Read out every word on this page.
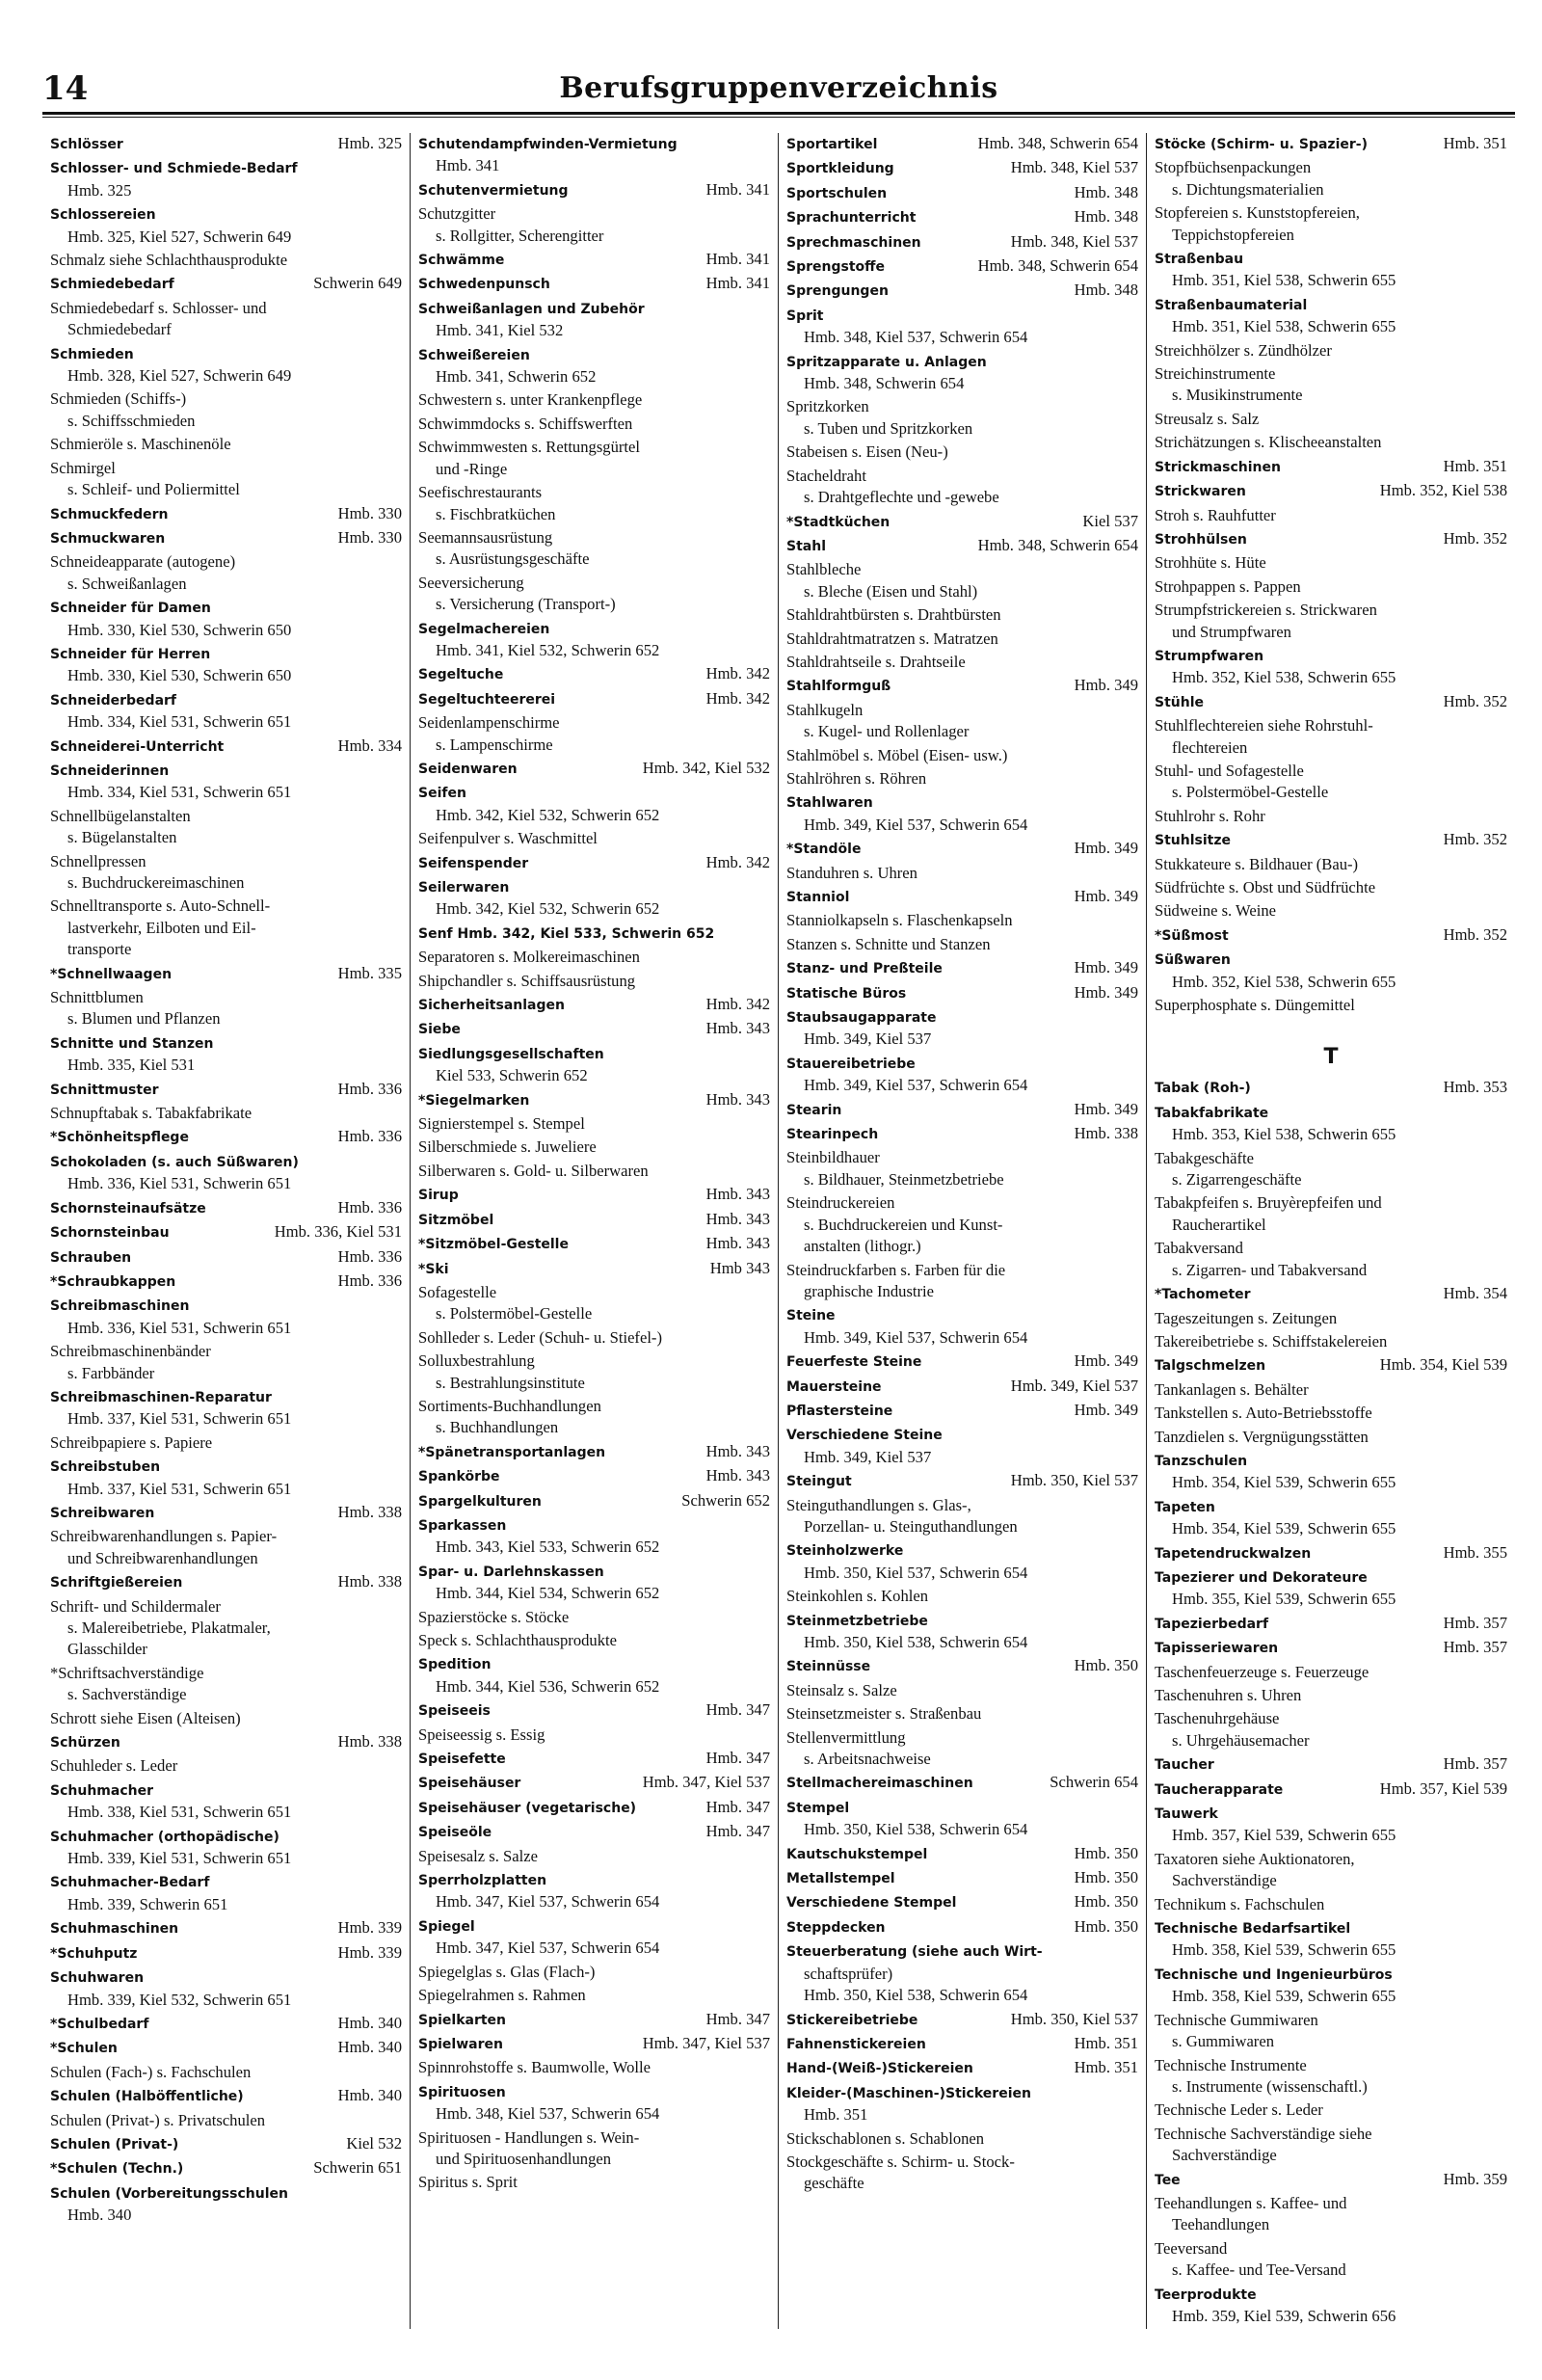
14	Berufsgruppenverzeichnis
Hmb. 325
Schlösser
Schlosser- und Schmiede-Bedarf
Hmb. 325
Schlossereien
Hmb. 325, Kiel 527, Schwerin 649
Schmalz siehe Schlachthausprodukte
Schwerin 649
Schmiedebedarf
Schmiedebedarf s. Schlosser- und
Schmiedebedarf
Schmieden
Hmb. 328, Kiel 527, Schwerin 649
Schmieden (Schiffs-)
s. Schiffsschmieden
Schmieröle s. Maschinenöle
Schmirgel
s. Schleif- und Poliermittel
Hmb. 330
Schmuckfedern
Hmb. 330
Schmuckwaren
Schneideapparate (autogene)
s. Schweißanlagen
Schneider für Damen
Hmb. 330, Kiel 530, Schwerin 650
Schneider für Herren
Hmb. 330, Kiel 530, Schwerin 650
Schneiderbedarf
Hmb. 334, Kiel 531, Schwerin 651
Hmb. 334
Schneiderei-Unterricht
Schneiderinnen
Hmb. 334, Kiel 531, Schwerin 651
Schnellbügelanstalten
s. Bügelanstalten
Schnellpressen
s. Buchdruckereimaschinen
Schnelltransporte s. Auto-Schnell-
lastverkehr, Eilboten und Eil-
transporte
Hmb. 335
*Schnellwaagen
Schnittblumen
s. Blumen und Pflanzen
Schnitte und Stanzen
Hmb. 335, Kiel 531
Hmb. 336
Schnittmuster
Schnupftabak s. Tabakfabrikate
Hmb. 336
*Schönheitspflege
Schokoladen (s. auch Süßwaren)
Hmb. 336, Kiel 531, Schwerin 651
Hmb. 336
Schornsteinaufsätze
Hmb. 336, Kiel 531
Schornsteinbau
Hmb. 336
Schrauben
Hmb. 336
*Schraubkappen
Schreibmaschinen
Hmb. 336, Kiel 531, Schwerin 651
Schreibmaschinenbänder
s. Farbbänder
Schreibmaschinen-Reparatur
Hmb. 337, Kiel 531, Schwerin 651
Schreibpapiere s. Papiere
Schreibstuben
Hmb. 337, Kiel 531, Schwerin 651
Hmb. 338
Schreibwaren
Schreibwarenhandlungen s. Papier-
und Schreibwarenhandlungen
Hmb. 338
Schriftgießereien
Schrift- und Schildermaler
s. Malereibetriebe, Plakatmaler,
Glasschilder
*Schriftsachverständige
s. Sachverständige
Schrott siehe Eisen (Alteisen)
Hmb. 338
Schürzen
Schuhleder s. Leder
Schuhmacher
Hmb. 338, Kiel 531, Schwerin 651
Schuhmacher (orthopädische)
Hmb. 339, Kiel 531, Schwerin 651
Schuhmacher-Bedarf
Hmb. 339, Schwerin 651
Hmb. 339
Schuhmaschinen
Hmb. 339
*Schuhputz
Schuhwaren
Hmb. 339, Kiel 532, Schwerin 651
Hmb. 340
*Schulbedarf
Hmb. 340
*Schulen
Schulen (Fach-) s. Fachschulen
Hmb. 340
Schulen (Halböffentliche)
Schulen (Privat-) s. Privatschulen
Kiel 532
Schulen (Privat-)
Schwerin 651
*Schulen (Techn.)
Schulen (Vorbereitungsschulen
Hmb. 340
Schutendampfwinden-Vermietung
Hmb. 341
Hmb. 341
Schutenvermietung
Schutzgitter
s. Rollgitter, Scherengitter
Hmb. 341
Schwämme
Hmb. 341
Schwedenpunsch
Schweißanlagen und Zubehör
Hmb. 341, Kiel 532
Schweißereien
Hmb. 341, Schwerin 652
Schwestern s. unter Krankenpflege
Schwimmdocks s. Schiffswerften
Schwimmwesten s. Rettungsgürtel
und -Ringe
Seefischrestaurants
s. Fischbratküchen
Seemannsausrüstung
s. Ausrüstungsgeschäfte
Seeversicherung
s. Versicherung (Transport-)
Segelmachereien
Hmb. 341, Kiel 532, Schwerin 652
Hmb. 342
Segeltuche
Hmb. 342
Segeltuchteererei
Seidenlampenschirme
s. Lampenschirme
Hmb. 342, Kiel 532
Seidenwaren
Seifen
Hmb. 342, Kiel 532, Schwerin 652
Seifenpulver s. Waschmittel
Hmb. 342
Seifenspender
Seilerwaren
Hmb. 342, Kiel 532, Schwerin 652
Senf Hmb. 342, Kiel 533, Schwerin 652
Separatoren s. Molkereimaschinen
Shipchandler s. Schiffsausrüstung
Hmb. 342
Sicherheitsanlagen
Hmb. 343
Siebe
Siedlungsgesellschaften
Kiel 533, Schwerin 652
Hmb. 343
*Siegelmarken
Signierstempel s. Stempel
Silberschmiede s. Juweliere
Silberwaren s. Gold- u. Silberwaren
Hmb. 343
Sirup
Hmb. 343
Sitzmöbel
Hmb. 343
*Sitzmöbel-Gestelle
Hmb 343
*Ski
Sofagestelle
s. Polstermöbel-Gestelle
Sohlleder s. Leder (Schuh- u. Stiefel-)
Solluxbestrahlung
s. Bestrahlungsinstitute
Sortiments-Buchhandlungen
s. Buchhandlungen
Hmb. 343
*Spänetransportanlagen
Hmb. 343
Spankörbe
Schwerin 652
Spargelkulturen
Sparkassen
Hmb. 343, Kiel 533, Schwerin 652
Spar- u. Darlehnskassen
Hmb. 344, Kiel 534, Schwerin 652
Spazierstöcke s. Stöcke
Speck s. Schlachthausprodukte
Spedition
Hmb. 344, Kiel 536, Schwerin 652
Hmb. 347
Speiseeis
Speiseessig s. Essig
Hmb. 347
Speisefette
Hmb. 347, Kiel 537
Speisehäuser
Hmb. 347
Speisehäuser (vegetarische)
Hmb. 347
Speiseöle
Speisesalz s. Salze
Sperrholzplatten
Hmb. 347, Kiel 537, Schwerin 654
Spiegel
Hmb. 347, Kiel 537, Schwerin 654
Spiegelglas s. Glas (Flach-)
Spiegelrahmen s. Rahmen
Hmb. 347
Spielkarten
Hmb. 347, Kiel 537
Spielwaren
Spinnrohstoffe s. Baumwolle, Wolle
Spirituosen
Hmb. 348, Kiel 537, Schwerin 654
Spirituosen - Handlungen s. Wein-
und Spirituosenhandlungen
Spiritus s. Sprit
Hmb. 348, Schwerin 654
Sportartikel
Hmb. 348, Kiel 537
Sportkleidung
Hmb. 348
Sportschulen
Hmb. 348
Sprachunterricht
Hmb. 348, Kiel 537
Sprechmaschinen
Hmb. 348, Schwerin 654
Sprengstoffe
Hmb. 348
Sprengungen
Sprit
Hmb. 348, Kiel 537, Schwerin 654
Spritzapparate u. Anlagen
Hmb. 348, Schwerin 654
Spritzkorken
s. Tuben und Spritzkorken
Stabeisen s. Eisen (Neu-)
Stacheldraht
s. Drahtgeflechte und -gewebe
Kiel 537
*Stadtküchen
Hmb. 348, Schwerin 654
Stahl
Stahlbleche
s. Bleche (Eisen und Stahl)
Stahldrahtbürsten s. Drahtbürsten
Stahldrahtmatratzen s. Matratzen
Stahldrahtseile s. Drahtseile
Hmb. 349
Stahlformguß
Stahlkugeln
s. Kugel- und Rollenlager
Stahlmöbel s. Möbel (Eisen- usw.)
Stahlröhren s. Röhren
Stahlwaren
Hmb. 349, Kiel 537, Schwerin 654
Hmb. 349
*Standöle
Standuhren s. Uhren
Hmb. 349
Stanniol
Stanniolkapseln s. Flaschenkapseln
Stanzen s. Schnitte und Stanzen
Hmb. 349
Stanz- und Preßteile
Hmb. 349
Statische Büros
Staubsaugapparate
Hmb. 349, Kiel 537
Stauereibetriebe
Hmb. 349, Kiel 537, Schwerin 654
Hmb. 349
Stearin
Hmb. 338
Stearinpech
Steinbildhauer
s. Bildhauer, Steinmetzbetriebe
Steindruckereien
s. Buchdruckereien und Kunst-
anstalten (lithogr.)
Steindruckfarben s. Farben für die
graphische Industrie
Steine
Hmb. 349, Kiel 537, Schwerin 654
Hmb. 349
Feuerfeste Steine
Hmb. 349, Kiel 537
Mauersteine
Hmb. 349
Pflastersteine
Verschiedene Steine
Hmb. 349, Kiel 537
Hmb. 350, Kiel 537
Steingut
Steinguthandlungen s. Glas-,
Porzellan- u. Steinguthandlungen
Steinholzwerke
Hmb. 350, Kiel 537, Schwerin 654
Steinkohlen s. Kohlen
Steinmetzbetriebe
Hmb. 350, Kiel 538, Schwerin 654
Hmb. 350
Steinnüsse
Steinsalz s. Salze
Steinsetzmeister s. Straßenbau
Stellenvermittlung
s. Arbeitsnachweise
Schwerin 654
Stellmachereimaschinen
Stempel
Hmb. 350, Kiel 538, Schwerin 654
Hmb. 350
Kautschukstempel
Hmb. 350
Metallstempel
Hmb. 350
Verschiedene Stempel
Hmb. 350
Steppdecken
Steuerberatung (siehe auch Wirt-
schaftsprüfer)
Hmb. 350, Kiel 538, Schwerin 654
Hmb. 350, Kiel 537
Stickereibetriebe
Hmb. 351
Fahnenstickereien
Hmb. 351
Hand-(Weiß-)Stickereien
Kleider-(Maschinen-)Stickereien
Hmb. 351
Stickschablonen s. Schablonen
Stockgeschäfte s. Schirm- u. Stock-
geschäfte
Hmb. 351
Stöcke (Schirm- u. Spazier-)
Stopfbüchsenpackungen
s. Dichtungsmaterialien
Stopfereien s. Kunststopfereien,
Teppichstopfereien
Straßenbau
Hmb. 351, Kiel 538, Schwerin 655
Straßenbaumaterial
Hmb. 351, Kiel 538, Schwerin 655
Streichhölzer s. Zündhölzer
Streichinstrumente
s. Musikinstrumente
Streusalz s. Salz
Strichätzungen s. Klischeeanstalten
Hmb. 351
Strickmaschinen
Hmb. 352, Kiel 538
Strickwaren
Stroh s. Rauhfutter
Hmb. 352
Strohhülsen
Strohhüte s. Hüte
Strohpappen s. Pappen
Strumpfstrickereien s. Strickwaren
und Strumpfwaren
Strumpfwaren
Hmb. 352, Kiel 538, Schwerin 655
Hmb. 352
Stühle
Stuhlflechtereien siehe Rohrstuhl-
flechtereien
Stuhl- und Sofagestelle
s. Polstermöbel-Gestelle
Stuhlrohr s. Rohr
Hmb. 352
Stuhlsitze
Stukkateure s. Bildhauer (Bau-)
Südfrüchte s. Obst und Südfrüchte
Südweine s. Weine
Hmb. 352
*Süßmost
Süßwaren
Hmb. 352, Kiel 538, Schwerin 655
Superphosphate s. Düngemittel
T
Hmb. 353
Tabak (Roh-)
Tabakfabrikate
Hmb. 353, Kiel 538, Schwerin 655
Tabakgeschäfte
s. Zigarrengeschäfte
Tabakpfeifen s. Bruyèrepfeifen und
Raucherartikel
Tabakversand
s. Zigarren- und Tabakversand
Hmb. 354
*Tachometer
Tageszeitungen s. Zeitungen
Takereibetriebe s. Schiffstakelereien
Hmb. 354, Kiel 539
Talgschmelzen
Tankanlagen s. Behälter
Tankstellen s. Auto-Betriebsstoffe
Tanzdielen s. Vergnügungsstätten
Tanzschulen
Hmb. 354, Kiel 539, Schwerin 655
Tapeten
Hmb. 354, Kiel 539, Schwerin 655
Hmb. 355
Tapetendruckwalzen
Tapezierer und Dekorateure
Hmb. 355, Kiel 539, Schwerin 655
Hmb. 357
Tapezierbedarf
Hmb. 357
Tapisseriewaren
Taschenfeuerzeuge s. Feuerzeuge
Taschenuhren s. Uhren
Taschenuhrgehäuse
s. Uhrgehäusemacher
Hmb. 357
Taucher
Hmb. 357, Kiel 539
Taucherapparate
Tauwerk
Hmb. 357, Kiel 539, Schwerin 655
Taxatoren siehe Auktionatoren,
Sachverständige
Technikum s. Fachschulen
Technische Bedarfsartikel
Hmb. 358, Kiel 539, Schwerin 655
Technische und Ingenieurbüros
Hmb. 358, Kiel 539, Schwerin 655
Technische Gummiwaren
s. Gummiwaren
Technische Instrumente
s. Instrumente (wissenschaftl.)
Technische Leder s. Leder
Technische Sachverständige siehe
Sachverständige
Hmb. 359
Tee
Teehandlungen s. Kaffee- und
Teehandlungen
Teeversand
s. Kaffee- und Tee-Versand
Teerprodukte
Hmb. 359, Kiel 539, Schwerin 656
